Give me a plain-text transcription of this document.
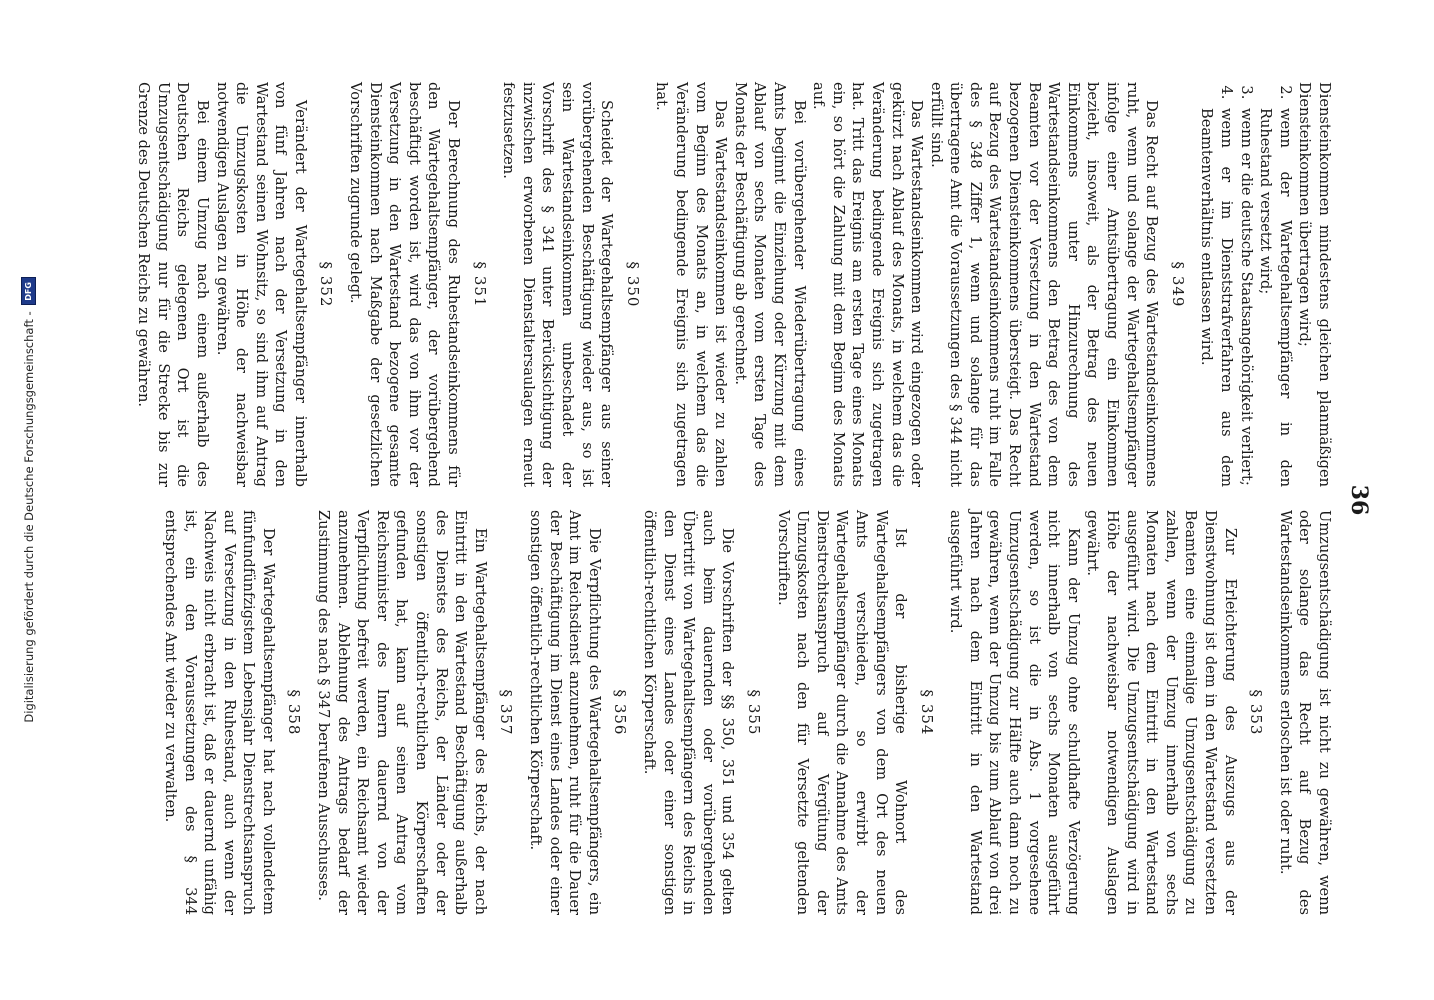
36

Diensteinkommen mindestens gleichen planmäßigen Diensteinkommen übertragen wird;

2. wenn der Wartegehaltsempfänger in den Ruhestand versetzt wird;
3. wenn er die deutsche Staatsangehörigkeit verliert;
4. wenn er im Dienststrafverfahren aus dem Beamtenverhältnis entlassen wird.

§ 349

Das Recht auf Bezug des Wartestandseinkommens ruht, wenn und solange der Wartegehaltsempfänger infolge einer Amtsübertragung ein Einkommen bezieht, insoweit, als der Betrag des neuen Einkommens unter Hinzurechnung des Wartestandseinkommens den Betrag des von dem Beamten vor der Versetzung in den Wartestand bezogenen Diensteinkommens übersteigt. Das Recht auf Bezug des Wartestandseinkommens ruht im Falle des § 348 Ziffer 1, wenn und solange für das übertragene Amt die Voraussetzungen des § 344 nicht erfüllt sind.

Das Wartestandseinkommen wird eingezogen oder gekürzt nach Ablauf des Monats, in welchem das die Veränderung bedingende Ereignis sich zugetragen hat. Tritt das Ereignis am ersten Tage eines Monats ein, so hört die Zahlung mit dem Beginn des Monats auf.

Bei vorübergehender Wiederübertragung eines Amts beginnt die Einziehung oder Kürzung mit dem Ablauf von sechs Monaten vom ersten Tage des Monats der Beschäftigung ab gerechnet.

Das Wartestandseinkommen ist wieder zu zahlen vom Beginn des Monats an, in welchem das die Veränderung bedingende Ereignis sich zugetragen hat.

§ 350

Scheidet der Wartegehaltsempfänger aus seiner vorübergehenden Beschäftigung wieder aus, so ist sein Wartestandseinkommen unbeschadet der Vorschrift des § 341 unter Berücksichtigung der inzwischen erworbenen Dienstaltersaulagen erneut festzusetzen.

§ 351

Der Berechnung des Ruhestandseinkommens für den Wartegehaltsempfänger, der vorübergehend beschäftigt worden ist, wird das von ihm vor der Versetzung in den Wartestand bezogene gesamte Diensteinkommen nach Maßgabe der gesetzlichen Vorschriften zugrunde gelegt.

§ 352

Verändert der Wartegehaltsempfänger innerhalb von fünf Jahren nach der Versetzung in den Wartestand seinen Wohnsitz, so sind ihm auf Antrag die Umzugskosten in Höhe der nachweisbar notwendigen Auslagen zu gewähren.

Bei einem Umzug nach einem außerhalb des Deutschen Reichs gelegenen Ort ist die Umzugsentschädigung nur für die Strecke bis zur Grenze des Deutschen Reichs zu gewähren.

Umzugsentschädigung ist nicht zu gewähren, wenn oder solange das Recht auf Bezug des Wartestandseinkommens erloschen ist oder ruht.

§ 353

Zur Erleichterung des Auszugs aus der Dienstwohnung ist dem in den Wartestand versetzten Beamten eine einmalige Umzugsentschädigung zu zahlen, wenn der Umzug innerhalb von sechs Monaten nach dem Eintritt in den Wartestand ausgeführt wird. Die Umzugsentschädigung wird in Höhe der nachweisbar notwendigen Auslagen gewährt.

Kann der Umzug ohne schuldhafte Verzögerung nicht innerhalb von sechs Monaten ausgeführt werden, so ist die in Abs. 1 vorgesehene Umzugsentschädigung zur Hälfte auch dann noch zu gewähren, wenn der Umzug bis zum Ablauf von drei Jahren nach dem Eintritt in den Wartestand ausgeführt wird.

§ 354

Ist der bisherige Wohnort des Wartegehaltsempfängers von dem Ort des neuen Amts verschieden, so erwirbt der Wartegehaltsempfänger durch die Annahme des Amts Dienstrechtsanspruch auf Vergütung der Umzugskosten nach den für Versetzte geltenden Vorschriften.

§ 355

Die Vorschriften der §§ 350, 351 und 354 gelten auch beim dauernden oder vorübergehenden Übertritt von Wartegehaltsempfängern des Reichs in den Dienst eines Landes oder einer sonstigen öffentlich-rechtlichen Körperschaft.

§ 356

Die Verpflichtung des Wartegehaltsempfängers, ein Amt im Reichsdienst anzunehmen, ruht für die Dauer der Beschäftigung im Dienst eines Landes oder einer sonstigen öffentlich-rechtlichen Körperschaft.

§ 357

Ein Wartegehaltsempfänger des Reichs, der nach Eintritt in den Wartestand Beschäftigung außerhalb des Dienstes des Reichs, der Länder oder der sonstigen öffentlich-rechtlichen Körperschaften gefunden hat, kann auf seinen Antrag vom Reichsminister des Innern dauernd von der Verpflichtung befreit werden, ein Reichsamt wieder anzunehmen. Ablehnung des Antrags bedarf der Zustimmung des nach § 347 berufenen Ausschusses.

§ 358

Der Wartegehaltsempfänger hat nach vollendetem fünfundfünfzigstem Lebensjahr Dienstrechtsanspruch auf Versetzung in den Ruhestand, auch wenn der Nachweis nicht erbracht ist, daß er dauernd unfähig ist, ein den Voraussetzungen des § 344 entsprechendes Amt wieder zu verwalten.

Digitalisierung gefördert durch die Deutsche Forschungsgemeinschaft -
DFG
